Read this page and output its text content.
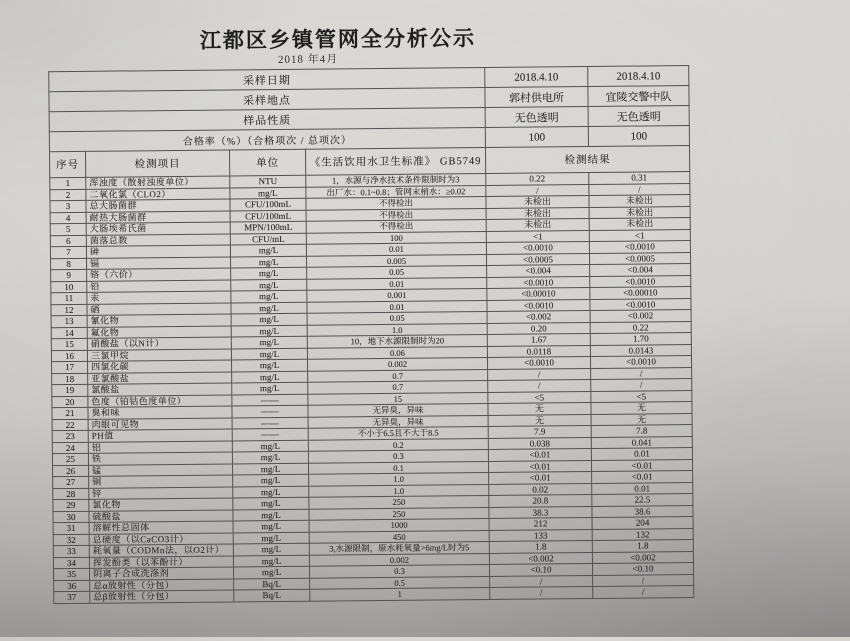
江都区乡镇管网全分析公示
2018 年4月
采样日期				2018.4.10	2018.4.10
采样地点				郭村供电所	宜陵交警中队
样品性质				无色透明	无色透明
合格率（%）（合格项次 / 总项次）				100	100
序号	检测项目	单位	《生活饮用水卫生标准》 GB5749	检测结果	
1	浑浊度（散射浊度单位）	NTU	1，水源与净水技术条件限制时为3	0.22	0.31
2	二氧化氯（CLO2）	mg/L	出厂水：0.1~0.8；管网末梢水：≥0.02	/	/
3	总大肠菌群	CFU/100mL	不得检出	未检出	未检出
4	耐热大肠菌群	CFU/100mL	不得检出	未检出	未检出
5	大肠埃希氏菌	MPN/100mL	不得检出	未检出	未检出
6	菌落总数	CFU/mL	100	<1	<1
7	砷	mg/L	0.01	<0.0010	<0.0010
8	镉	mg/L	0.005	<0.0005	<0.0005
9	铬（六价）	mg/L	0.05	<0.004	<0.004
10	铅	mg/L	0.01	<0.0010	<0.0010
11	汞	mg/L	0.001	<0.00010	<0.00010
12	硒	mg/L	0.01	<0.0010	<0.0010
13	氰化物	mg/L	0.05	<0.002	<0.002
14	氟化物	mg/L	1.0	0.20	0.22
15	硝酸盐（以N计）	mg/L	10，地下水源限制时为20	1.67	1.70
16	三氯甲烷	mg/L	0.06	0.0118	0.0143
17	四氯化碳	mg/L	0.002	<0.0010	<0.0010
18	亚氯酸盐	mg/L	0.7	/	/
19	氯酸盐	mg/L	0.7	/	/
20	色度（铂钴色度单位）	——	15	<5	<5
21	臭和味	——	无异臭，异味	无	无
22	肉眼可见物	——	无异臭，异味	无	无
23	PH值	——	不小于6.5且不大于8.5	7.9	7.8
24	铝	mg/L	0.2	0.038	0.041
25	铁	mg/L	0.3	<0.01	0.01
26	锰	mg/L	0.1	<0.01	<0.01
27	铜	mg/L	1.0	<0.01	<0.01
28	锌	mg/L	1.0	0.02	0.01
29	氯化物	mg/L	250	20.8	22.5
30	硫酸盐	mg/L	250	38.3	38.6
31	溶解性总固体	mg/L	1000	212	204
32	总硬度（以CaCO3计）	mg/L	450	133	132
33	耗氧量（CODMn法，以O2计）	mg/L	3,水源限制，原水耗氧量>6mg/L时为5	1.8	1.8
34	挥发酚类（以苯酚计）	mg/L	0.002	<0.002	<0.002
35	阴离子合成洗涤剂	mg/L	0.3	<0.10	<0.10
36	总α放射性（分包）	Bq/L	0.5	/	/
37	总β放射性（分包）	Bq/L	1	/	/
